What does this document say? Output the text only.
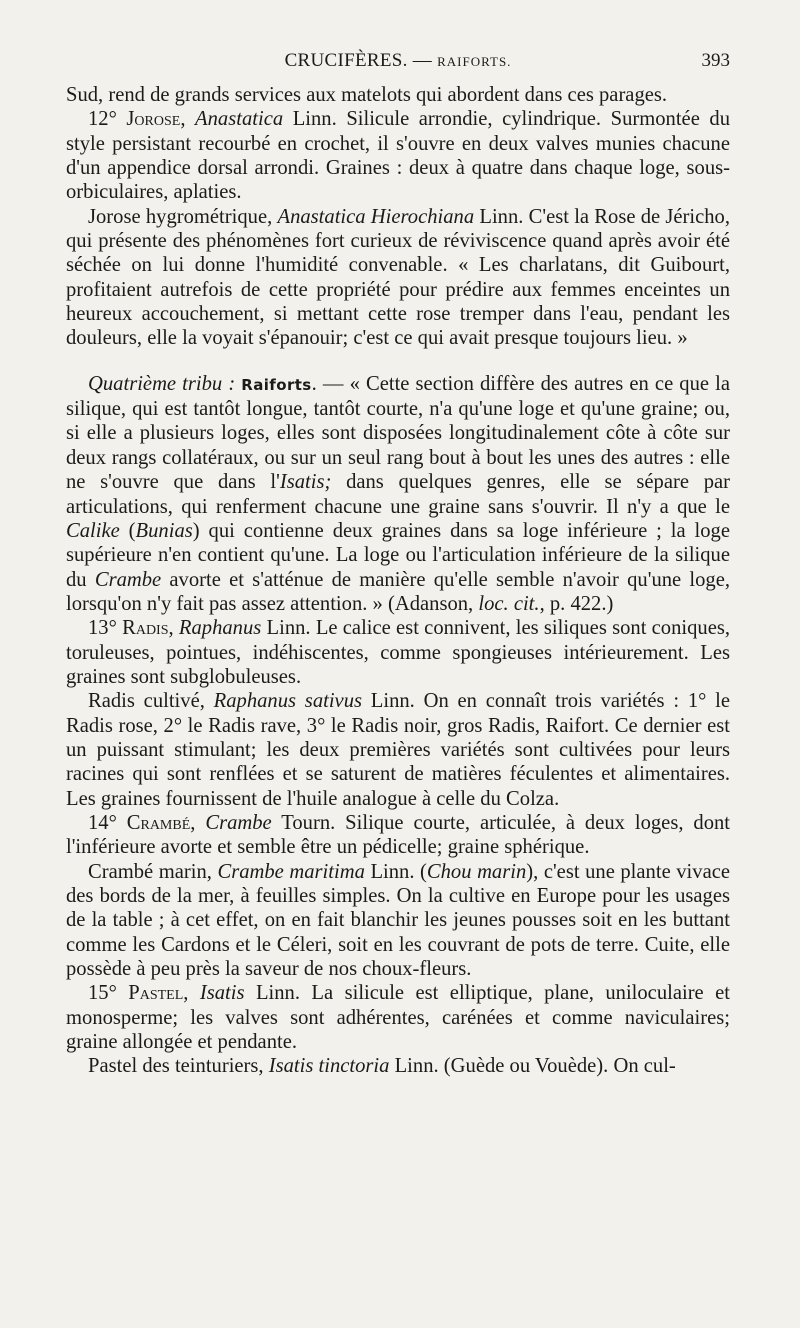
CRUCIFÈRES. — RAIFORTS.	393

Sud, rend de grands services aux matelots qui abordent dans ces parages.

12° Jorose, Anastatica Linn. Silicule arrondie, cylindrique. Surmontée du style persistant recourbé en crochet, il s'ouvre en deux valves munies chacune d'un appendice dorsal arrondi. Graines : deux à quatre dans chaque loge, sous-orbiculaires, aplaties.

Jorose hygrométrique, Anastatica Hierochiana Linn. C'est la Rose de Jéricho, qui présente des phénomènes fort curieux de réviviscence quand après avoir été séchée on lui donne l'humidité convenable. « Les charlatans, dit Guibourt, profitaient autrefois de cette propriété pour prédire aux femmes enceintes un heureux accouchement, si mettant cette rose tremper dans l'eau, pendant les douleurs, elle la voyait s'épanouir; c'est ce qui avait presque toujours lieu. »

Quatrième tribu : Raiforts. — « Cette section diffère des autres en ce que la silique, qui est tantôt longue, tantôt courte, n'a qu'une loge et qu'une graine; ou, si elle a plusieurs loges, elles sont disposées longitudinalement côte à côte sur deux rangs collatéraux, ou sur un seul rang bout à bout les unes des autres : elle ne s'ouvre que dans l'Isatis; dans quelques genres, elle se sépare par articulations, qui renferment chacune une graine sans s'ouvrir. Il n'y a que le Calike (Bunias) qui contienne deux graines dans sa loge inférieure ; la loge supérieure n'en contient qu'une. La loge ou l'articulation inférieure de la silique du Crambe avorte et s'atténue de manière qu'elle semble n'avoir qu'une loge, lorsqu'on n'y fait pas assez attention. » (Adanson, loc. cit., p. 422.)

13° Radis, Raphanus Linn. Le calice est connivent, les siliques sont coniques, toruleuses, pointues, indéhiscentes, comme spongieuses intérieurement. Les graines sont subglobuleuses.

Radis cultivé, Raphanus sativus Linn. On en connaît trois variétés : 1° le Radis rose, 2° le Radis rave, 3° le Radis noir, gros Radis, Raifort. Ce dernier est un puissant stimulant; les deux premières variétés sont cultivées pour leurs racines qui sont renflées et se saturent de matières féculentes et alimentaires. Les graines fournissent de l'huile analogue à celle du Colza.

14° Crambé, Crambe Tourn. Silique courte, articulée, à deux loges, dont l'inférieure avorte et semble être un pédicelle; graine sphérique.

Crambé marin, Crambe maritima Linn. (Chou marin), c'est une plante vivace des bords de la mer, à feuilles simples. On la cultive en Europe pour les usages de la table ; à cet effet, on en fait blanchir les jeunes pousses soit en les buttant comme les Cardons et le Céleri, soit en les couvrant de pots de terre. Cuite, elle possède à peu près la saveur de nos choux-fleurs.

15° Pastel, Isatis Linn. La silicule est elliptique, plane, uniloculaire et monosperme; les valves sont adhérentes, carénées et comme naviculaires; graine allongée et pendante.

Pastel des teinturiers, Isatis tinctoria Linn. (Guède ou Vouède). On cul-
